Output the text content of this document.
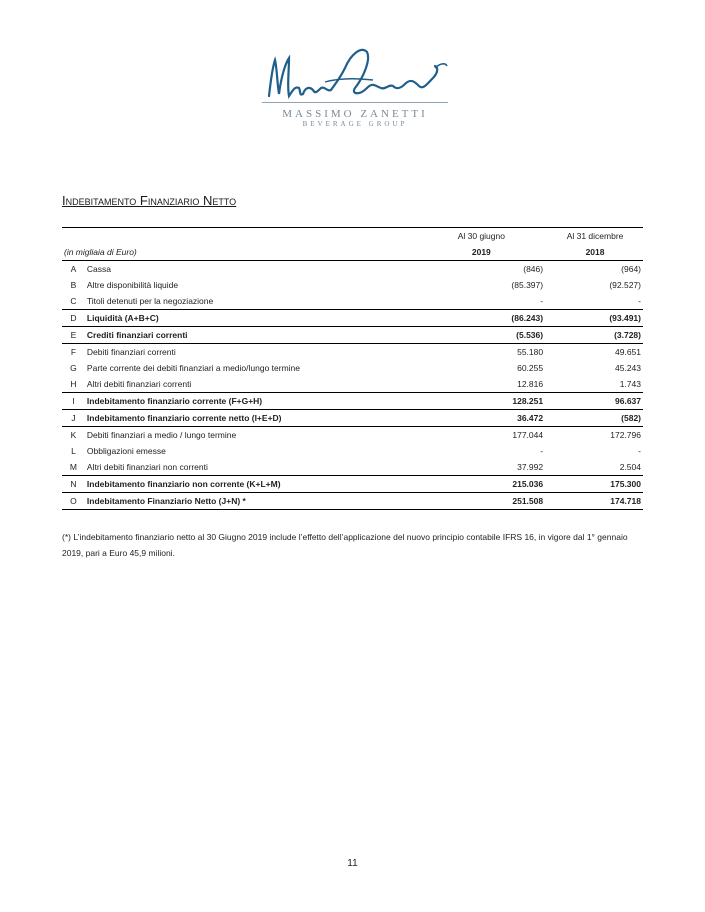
MASSIMO ZANETTI
BEVERAGE GROUP
Indebitamento Finanziario Netto
		Al 30 giugno	Al 31 dicembre
(in migliaia di Euro)		2019	2018
A	Cassa	(846)	(964)
B	Altre disponibilità liquide	(85.397)	(92.527)
C	Titoli detenuti per la negoziazione	-	-
D	Liquidità (A+B+C)	(86.243)	(93.491)
E	Crediti finanziari correnti	(5.536)	(3.728)
F	Debiti finanziari correnti	55.180	49.651
G	Parte corrente dei debiti finanziari a medio/lungo termine	60.255	45.243
H	Altri debiti finanziari correnti	12.816	1.743
I	Indebitamento finanziario corrente (F+G+H)	128.251	96.637
J	Indebitamento finanziario corrente netto (I+E+D)	36.472	(582)
K	Debiti finanziari a medio / lungo termine	177.044	172.796
L	Obbligazioni emesse	-	-
M	Altri debiti finanziari non correnti	37.992	2.504
N	Indebitamento finanziario non corrente (K+L+M)	215.036	175.300
O	Indebitamento Finanziario Netto (J+N) *	251.508	174.718
(*) L’indebitamento finanziario netto al 30 Giugno 2019 include l’effetto dell’applicazione del nuovo principio contabile IFRS 16, in vigore dal 1° gennaio 2019, pari a Euro 45,9 milioni.
11
